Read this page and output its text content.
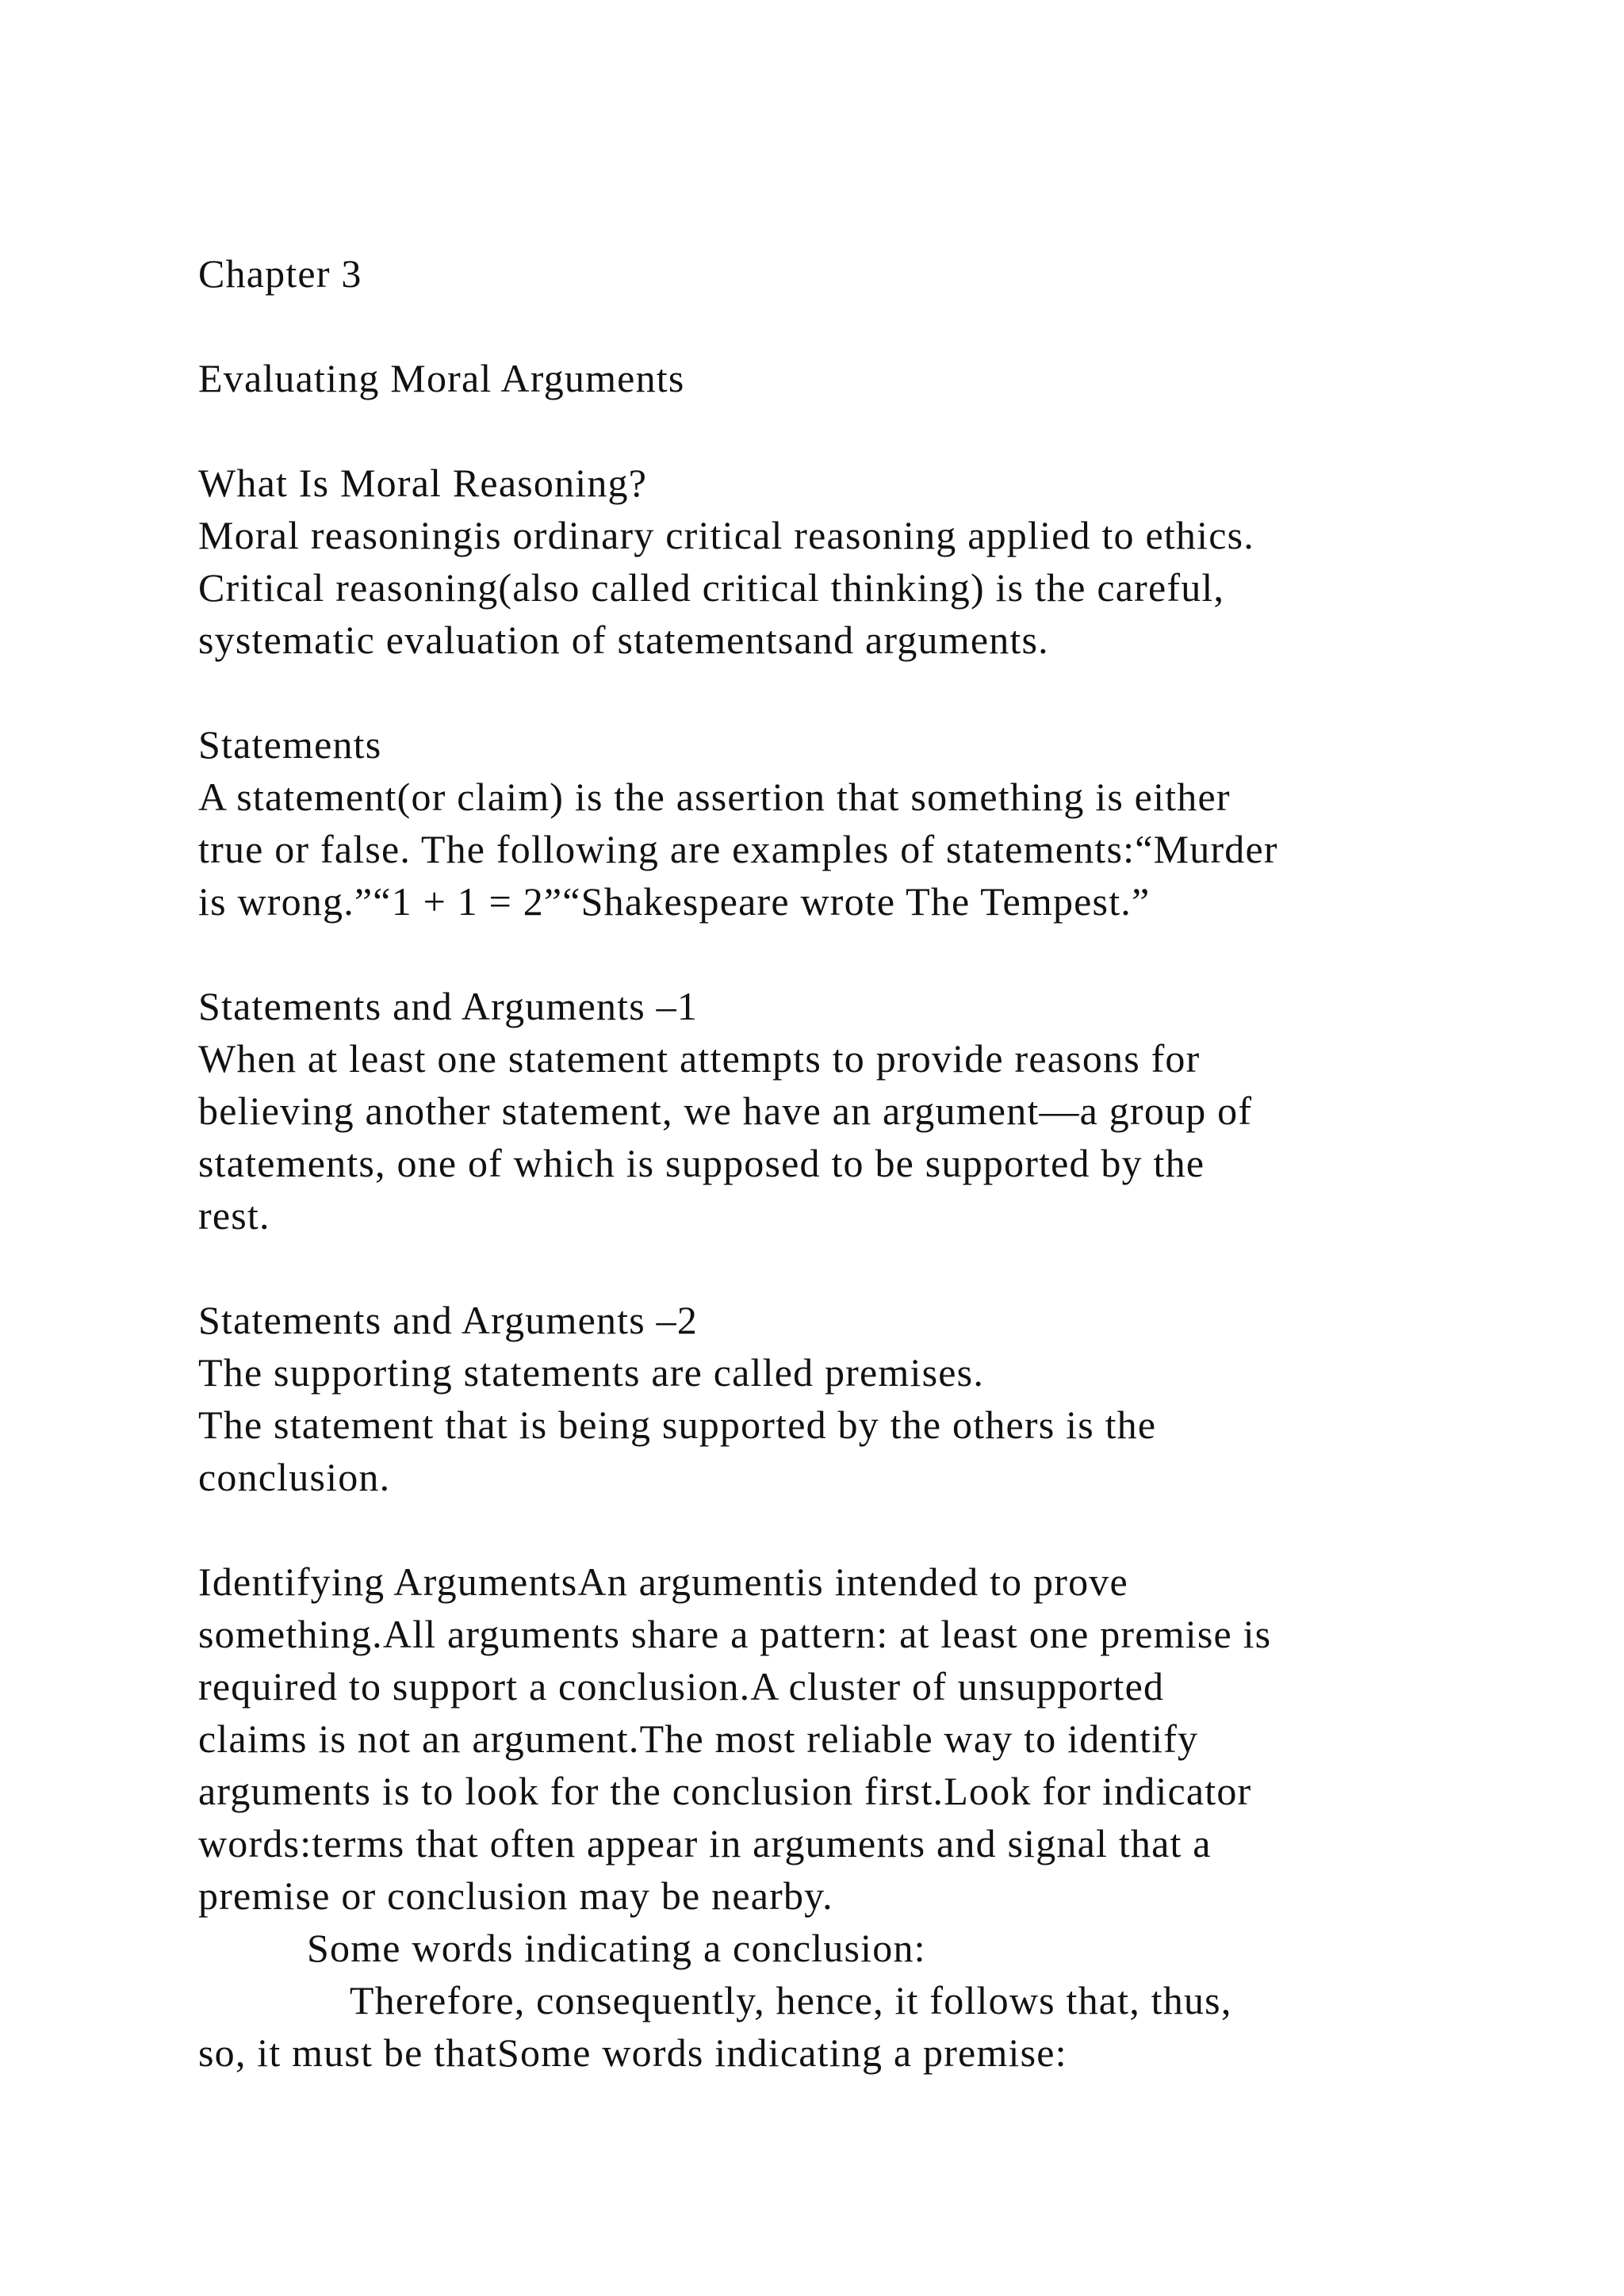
Chapter 3
Evaluating Moral Arguments
What Is Moral Reasoning?
Moral reasoningis ordinary critical reasoning applied to ethics.
Critical reasoning(also called critical thinking) is the careful,
systematic evaluation of statementsand arguments.
Statements
A statement(or claim) is the assertion that something is either
true or false. The following are examples of statements:“Murder
is wrong.”“1 + 1 = 2”“Shakespeare wrote The Tempest.”
Statements and Arguments –1
When at least one statement attempts to provide reasons for
believing another statement, we have an argument—a group of
statements, one of which is supposed to be supported by the
rest.
Statements and Arguments –2
The supporting statements are called premises.
The statement that is being supported by the others is the
conclusion.
Identifying ArgumentsAn argumentis intended to prove
something.All arguments share a pattern: at least one premise is
required to support a conclusion.A cluster of unsupported
claims is not an argument.The most reliable way to identify
arguments is to look for the conclusion first.Look for indicator
words:terms that often appear in arguments and signal that a
premise or conclusion may be nearby.
Some words indicating a conclusion:
Therefore, consequently, hence, it follows that, thus,
so, it must be thatSome words indicating a premise:
